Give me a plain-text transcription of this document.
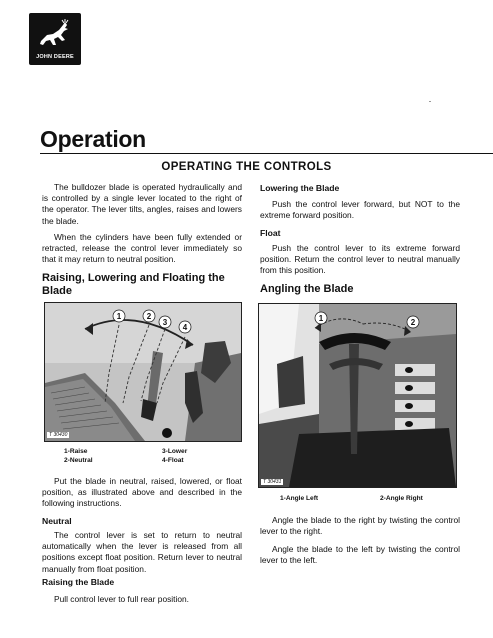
JOHN DEERE
Operation
OPERATING THE CONTROLS

The bulldozer blade is operated hydraulically and is controlled by a single lever located to the right of the operator. The lever tilts, angles, raises and lowers the blade.

When the cylinders have been fully extended or retracted, release the control lever immediately so that it may return to neutral position.

Raising, Lowering and Floating the Blade
1	2
3
4
T 30430
1-Raise
2-Neutral
3-Lower
4-Float

Put the blade in neutral, raised, lowered, or float position, as illustrated above and described in the following instructions.

Neutral

The control lever is set to return to neutral automatically when the lever is released from all positions except float position. Return lever to neutral manually from float position.

Raising the Blade

Pull control lever to full rear position.

Lowering the Blade

Push the control lever forward, but NOT to the extreme forward position.

Float

Push the control lever to its extreme forward position. Return the control lever to neutral manually from this position.

Angling the Blade
1	2
T 30431
1-Angle Left	2-Angle Right

Angle the blade to the right by twisting the control lever to the right.

Angle the blade to the left by twisting the control lever to the left.
